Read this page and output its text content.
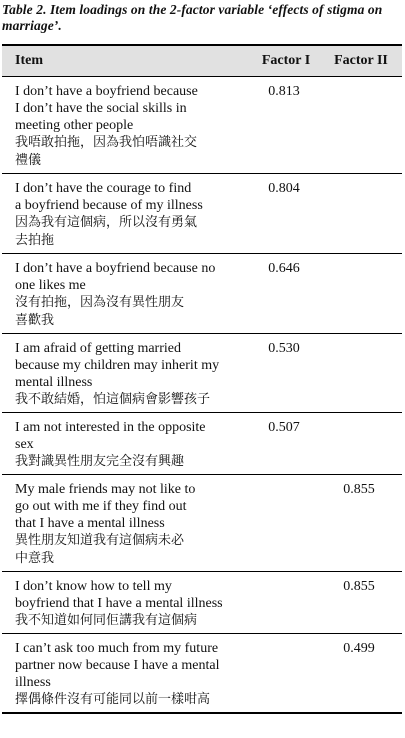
Table 2. Item loadings on the 2-factor variable ‘effects of stigma on marriage’.
Item	Factor I	Factor II
I don’t have a boyfriend because
I don’t have the social skills in
meeting other people
我唔敢拍拖，因為我怕唔識社交
禮儀
0.813
I don’t have the courage to find
a boyfriend because of my illness
因為我有這個病，所以沒有勇氣
去拍拖
0.804
I don’t have a boyfriend because no
one likes me
沒有拍拖，因為沒有異性朋友
喜歡我
0.646
I am afraid of getting married
because my children may inherit my
mental illness
我不敢結婚，怕這個病會影響孩子
0.530
I am not interested in the opposite
sex
我對識異性朋友完全沒有興趣
0.507
My male friends may not like to
go out with me if they find out
that I have a mental illness
異性朋友知道我有這個病未必
中意我
0.855
I don’t know how to tell my
boyfriend that I have a mental illness
我不知道如何同佢講我有這個病
0.855
I can’t ask too much from my future
partner now because I have a mental
illness
擇偶條件沒有可能同以前一樣咁高
0.499
